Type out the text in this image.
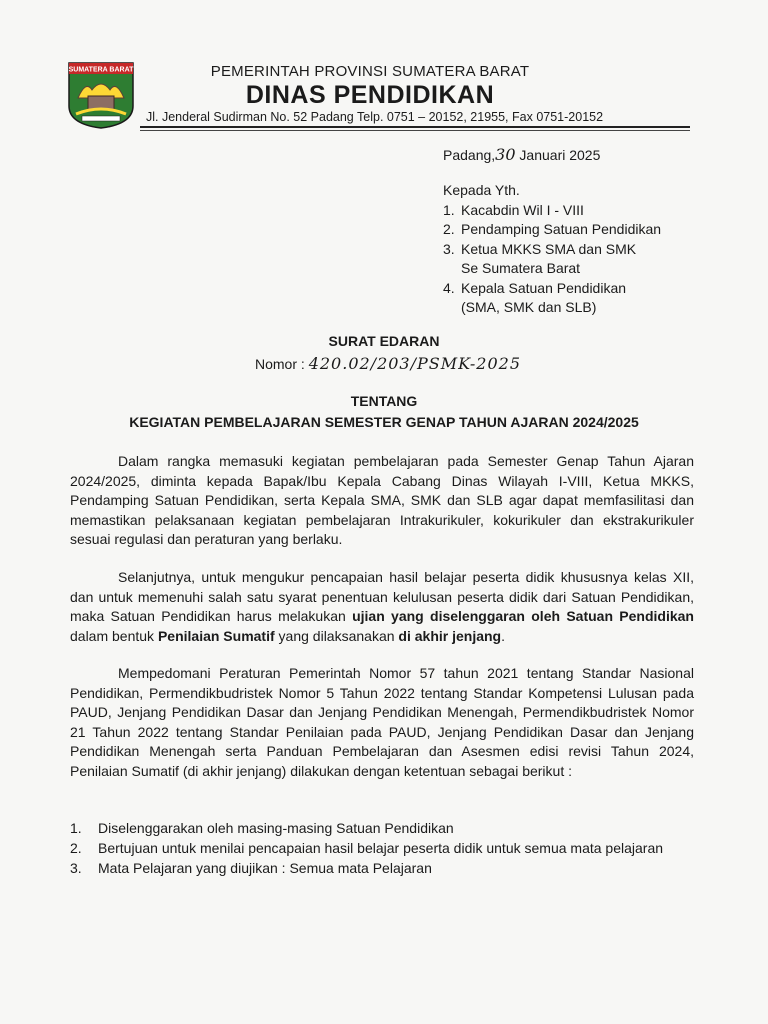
SUMATERA BARAT	PEMERINTAH PROVINSI SUMATERA BARAT
DINAS PENDIDIKAN
Jl. Jenderal Sudirman No. 52 Padang Telp. 0751 – 20152, 21955, Fax 0751-20152
Padang,30 Januari 2025
Kepada Yth.
1. Kacabdin Wil I - VIII
2. Pendamping Satuan Pendidikan
3. Ketua MKKS SMA dan SMK
Se Sumatera Barat
4. Kepala Satuan Pendidikan
(SMA, SMK dan SLB)
SURAT EDARAN
Nomor : 420.02/203/PSMK-2025
TENTANG
KEGIATAN PEMBELAJARAN SEMESTER GENAP TAHUN AJARAN 2024/2025
Dalam rangka memasuki kegiatan pembelajaran pada Semester Genap Tahun Ajaran 2024/2025, diminta kepada Bapak/Ibu Kepala Cabang Dinas Wilayah I-VIII, Ketua MKKS, Pendamping Satuan Pendidikan, serta Kepala SMA, SMK dan SLB agar dapat memfasilitasi dan memastikan pelaksanaan kegiatan pembelajaran Intrakurikuler, kokurikuler dan ekstrakurikuler sesuai regulasi dan peraturan yang berlaku.
Selanjutnya, untuk mengukur pencapaian hasil belajar peserta didik khususnya kelas XII, dan untuk memenuhi salah satu syarat penentuan kelulusan peserta didik dari Satuan Pendidikan, maka Satuan Pendidikan harus melakukan ujian yang diselenggaran oleh Satuan Pendidikan dalam bentuk Penilaian Sumatif yang dilaksanakan di akhir jenjang.
Mempedomani Peraturan Pemerintah Nomor 57 tahun 2021 tentang Standar Nasional Pendidikan, Permendikbudristek Nomor 5 Tahun 2022 tentang Standar Kompetensi Lulusan pada PAUD, Jenjang Pendidikan Dasar dan Jenjang Pendidikan Menengah, Permendikbudristek Nomor 21 Tahun 2022 tentang Standar Penilaian pada PAUD, Jenjang Pendidikan Dasar dan Jenjang Pendidikan Menengah serta Panduan Pembelajaran dan Asesmen edisi revisi Tahun 2024, Penilaian Sumatif (di akhir jenjang) dilakukan dengan ketentuan sebagai berikut :
1.	Diselenggarakan oleh masing-masing Satuan Pendidikan
2.	Bertujuan untuk menilai pencapaian hasil belajar peserta didik untuk semua mata pelajaran
3.	Mata Pelajaran yang diujikan : Semua mata Pelajaran
